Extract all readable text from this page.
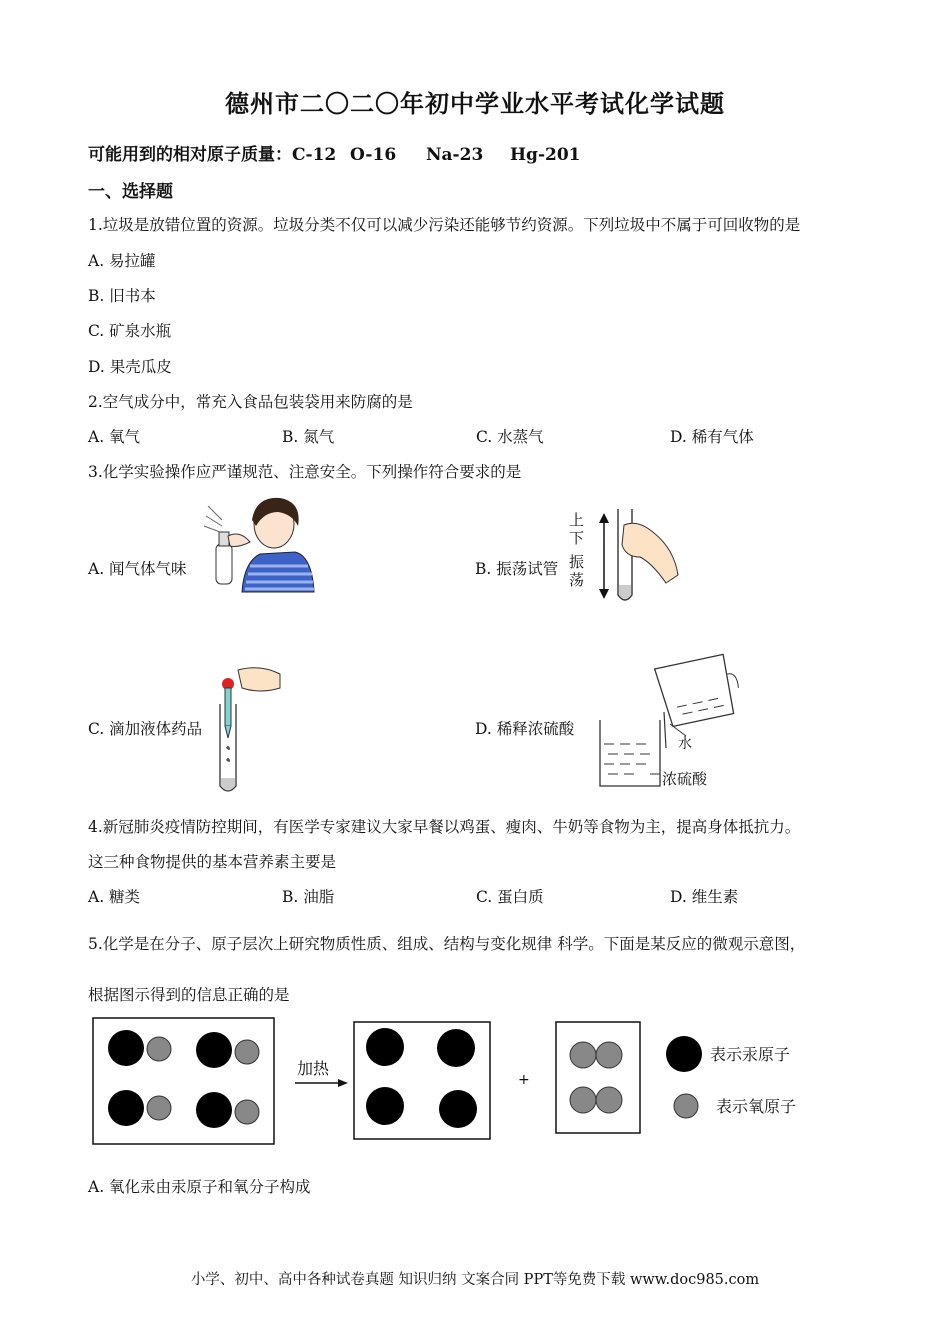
德州市二〇二〇年初中学业水平考试化学试题
可能用到的相对原子质量：C-12 O-16 Na-23 Hg-201
一、选择题
1.垃圾是放错位置的资源。垃圾分类不仅可以减少污染还能够节约资源。下列垃圾中不属于可回收物的是
A. 易拉罐
B. 旧书本
C. 矿泉水瓶
D. 果壳瓜皮
2.空气成分中，常充入食品包装袋用来防腐的是
A. 氧气	B. 氮气	C. 水蒸气	D. 稀有气体
3.化学实验操作应严谨规范、注意安全。下列操作符合要求的是
A. 闻气体气味	B. 振荡试管
上
下
振
荡
C. 滴加液体药品	D. 稀释浓硫酸
水
浓硫酸
4.新冠肺炎疫情防控期间，有医学专家建议大家早餐以鸡蛋、瘦肉、牛奶等食物为主，提高身体抵抗力。
这三种食物提供的基本营养素主要是
A. 糖类	B. 油脂	C. 蛋白质	D. 维生素
5.化学是在分子、原子层次上研究物质性质、组成、结构与变化规律 科学。下面是某反应的微观示意图，
根据图示得到的信息正确的是
加热
+
表示汞原子
表示氧原子
A. 氧化汞由汞原子和氧分子构成
小学、初中、高中各种试卷真题 知识归纳 文案合同 PPT等免费下载 www.doc985.com
